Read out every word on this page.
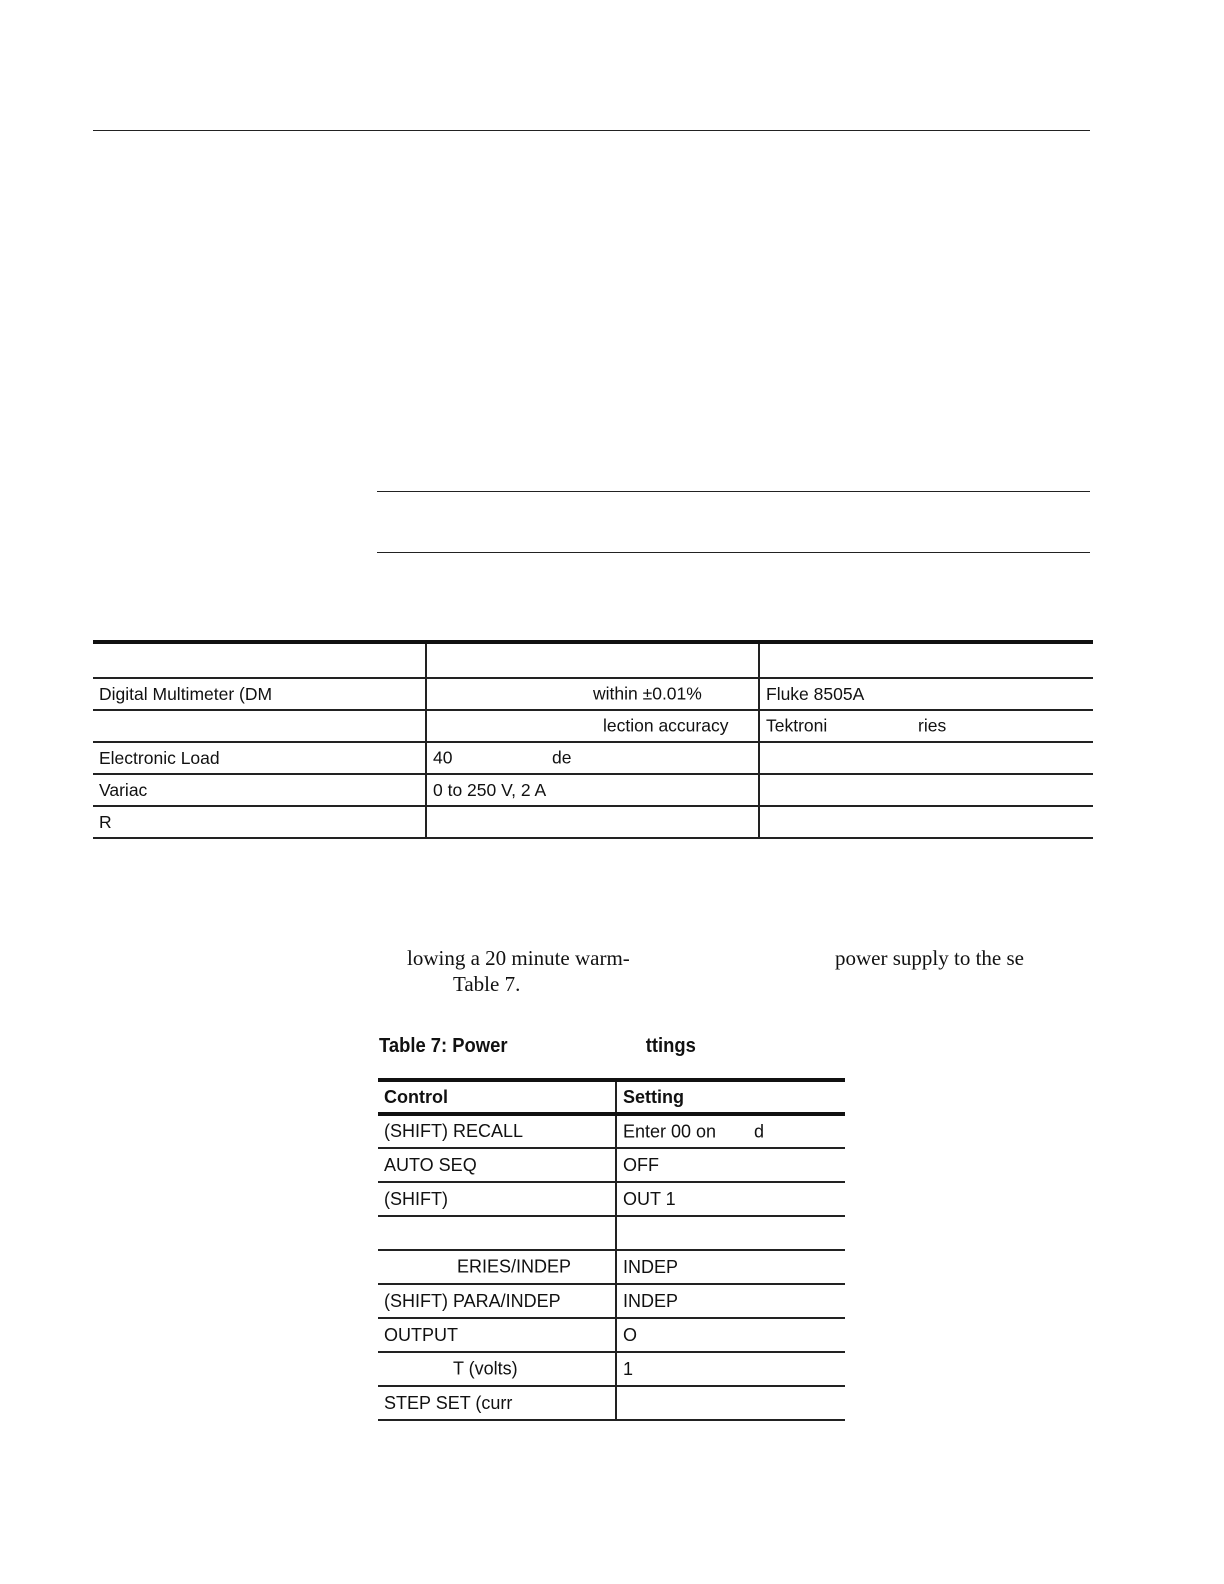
Digital Multimeter (DM	within ±0.01%	Fluke 8505A

	lection accuracy	Tektroni ries

Electronic Load	40 de	

Variac	0 to 250 V, 2 A	
R		
lowing a 20 minute warm-	power supply to the se
Table 7.
Table 7: Power	ttings
Control	Setting
(SHIFT) RECALL	Enter 00 on d

AUTO SEQ	OFF
(SHIFT)	OUT 1

ERIES/INDEP	INDEP
(SHIFT) PARA/INDEP	INDEP
OUTPUT	O

T (volts)	1
STEP SET (curr	
